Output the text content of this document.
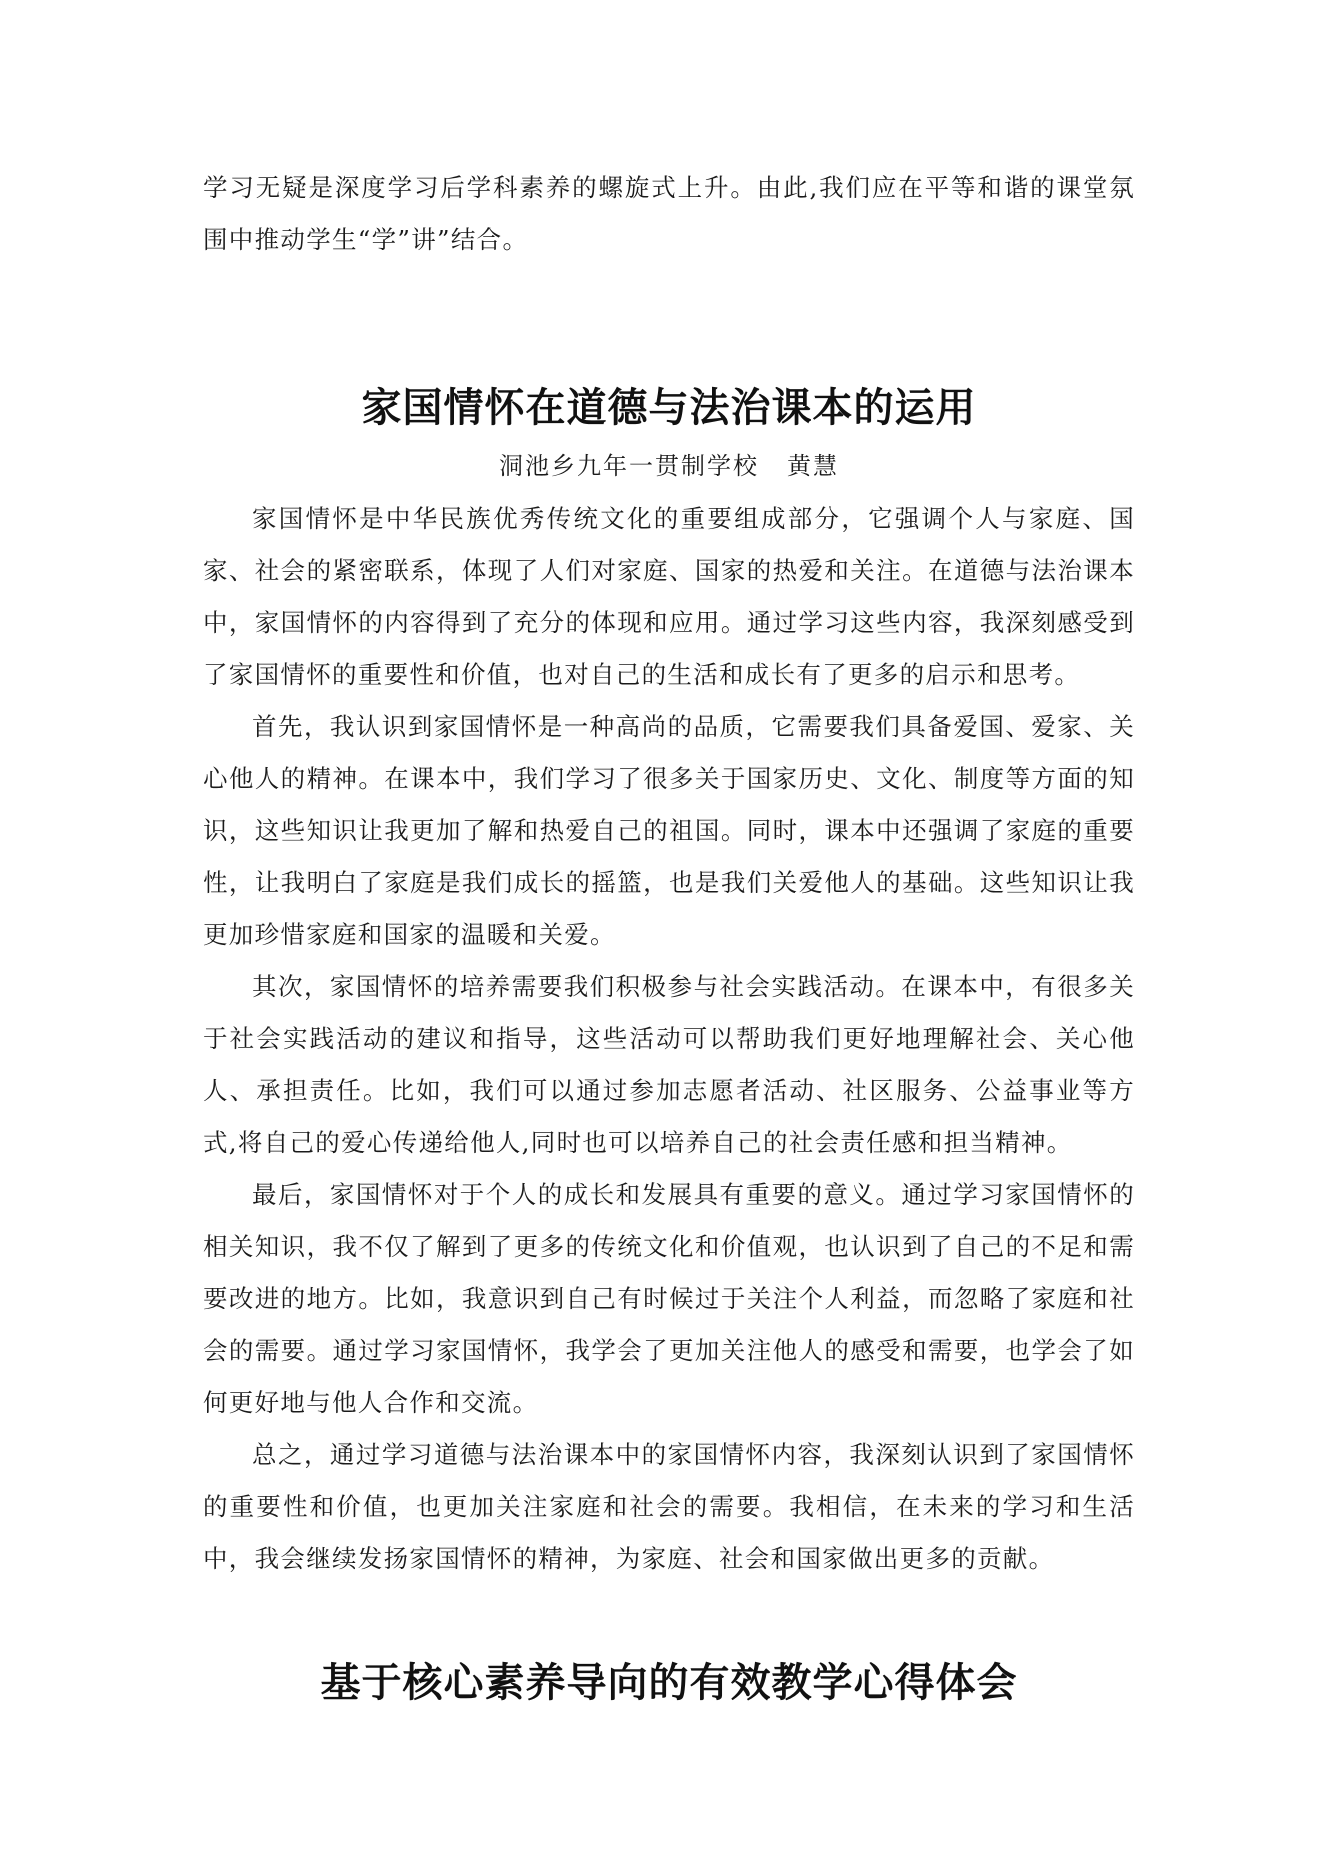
学习无疑是深度学习后学科素养的螺旋式上升。由此,我们应在平等和谐的课堂氛围中推动学生“学”讲”结合。

家国情怀在道德与法治课本的运用

洞池乡九年一贯制学校 黄慧

家国情怀是中华民族优秀传统文化的重要组成部分，它强调个人与家庭、国家、社会的紧密联系，体现了人们对家庭、国家的热爱和关注。在道德与法治课本中，家国情怀的内容得到了充分的体现和应用。通过学习这些内容，我深刻感受到了家国情怀的重要性和价值，也对自己的生活和成长有了更多的启示和思考。

首先，我认识到家国情怀是一种高尚的品质，它需要我们具备爱国、爱家、关心他人的精神。在课本中，我们学习了很多关于国家历史、文化、制度等方面的知识，这些知识让我更加了解和热爱自己的祖国。同时，课本中还强调了家庭的重要性，让我明白了家庭是我们成长的摇篮，也是我们关爱他人的基础。这些知识让我更加珍惜家庭和国家的温暖和关爱。

其次，家国情怀的培养需要我们积极参与社会实践活动。在课本中，有很多关于社会实践活动的建议和指导，这些活动可以帮助我们更好地理解社会、关心他人、承担责任。比如，我们可以通过参加志愿者活动、社区服务、公益事业等方式,将自己的爱心传递给他人,同时也可以培养自己的社会责任感和担当精神。

最后，家国情怀对于个人的成长和发展具有重要的意义。通过学习家国情怀的相关知识，我不仅了解到了更多的传统文化和价值观，也认识到了自己的不足和需要改进的地方。比如，我意识到自己有时候过于关注个人利益，而忽略了家庭和社会的需要。通过学习家国情怀，我学会了更加关注他人的感受和需要，也学会了如何更好地与他人合作和交流。

总之，通过学习道德与法治课本中的家国情怀内容，我深刻认识到了家国情怀的重要性和价值，也更加关注家庭和社会的需要。我相信，在未来的学习和生活中，我会继续发扬家国情怀的精神，为家庭、社会和国家做出更多的贡献。

基于核心素养导向的有效教学心得体会
